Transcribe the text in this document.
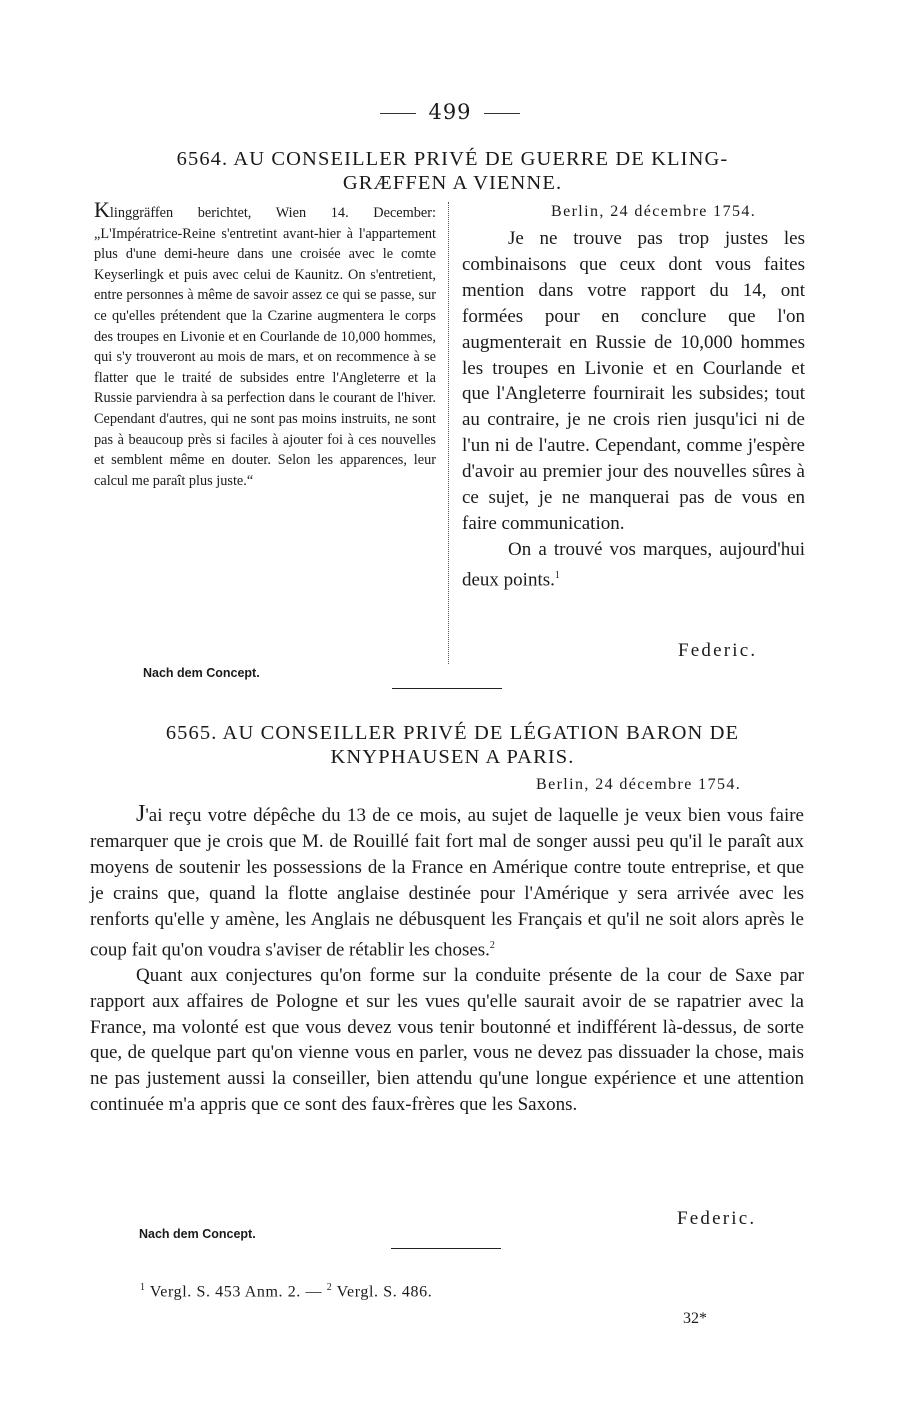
499
6564. AU CONSEILLER PRIVÉ DE GUERRE DE KLING-
GRÆFFEN A VIENNE.
Klinggräffen berichtet, Wien 14. December: „L'Impératrice-Reine s'entretint avant-hier à l'appartement plus d'une demi-heure dans une croisée avec le comte Keyserlingk et puis avec celui de Kaunitz. On s'entretient, entre personnes à même de savoir assez ce qui se passe, sur ce qu'elles prétendent que la Czarine augmentera le corps des troupes en Livonie et en Courlande de 10,000 hommes, qui s'y trouveront au mois de mars, et on recommence à se flatter que le traité de subsides entre l'Angleterre et la Russie parviendra à sa perfection dans le courant de l'hiver. Cependant d'autres, qui ne sont pas moins instruits, ne sont pas à beaucoup près si faciles à ajouter foi à ces nouvelles et semblent même en douter. Selon les apparences, leur calcul me paraît plus juste.“
Berlin, 24 décembre 1754.

Je ne trouve pas trop justes les combinaisons que ceux dont vous faites mention dans votre rapport du 14, ont formées pour en conclure que l'on augmenterait en Russie de 10,000 hommes les troupes en Livonie et en Courlande et que l'Angleterre fournirait les subsides; tout au contraire, je ne crois rien jusqu'ici ni de l'un ni de l'autre. Cependant, comme j'espère d'avoir au premier jour des nouvelles sûres à ce sujet, je ne manquerai pas de vous en faire communication.

On a trouvé vos marques, aujourd'hui deux points.$^1$

Federic.
Nach dem Concept.
6565. AU CONSEILLER PRIVÉ DE LÉGATION BARON DE
KNYPHAUSEN A PARIS.
Berlin, 24 décembre 1754.

J'ai reçu votre dépêche du 13 de ce mois, au sujet de laquelle je veux bien vous faire remarquer que je crois que M. de Rouillé fait fort mal de songer aussi peu qu'il le paraît aux moyens de soutenir les possessions de la France en Amérique contre toute entreprise, et que je crains que, quand la flotte anglaise destinée pour l'Amérique y sera arrivée avec les renforts qu'elle y amène, les Anglais ne débusquent les Français et qu'il ne soit alors après le coup fait qu'on voudra s'aviser de rétablir les choses.$^2$

Quant aux conjectures qu'on forme sur la conduite présente de la cour de Saxe par rapport aux affaires de Pologne et sur les vues qu'elle saurait avoir de se rapatrier avec la France, ma volonté est que vous devez vous tenir boutonné et indifférent là-dessus, de sorte que, de quelque part qu'on vienne vous en parler, vous ne devez pas dissuader la chose, mais ne pas justement aussi la conseiller, bien attendu qu'une longue expérience et une attention continuée m'a appris que ce sont des faux-frères que les Saxons.

Federic.
Nach dem Concept.
$^1$ Vergl. S. 453 Anm. 2. — $^2$ Vergl. S. 486.
32*
